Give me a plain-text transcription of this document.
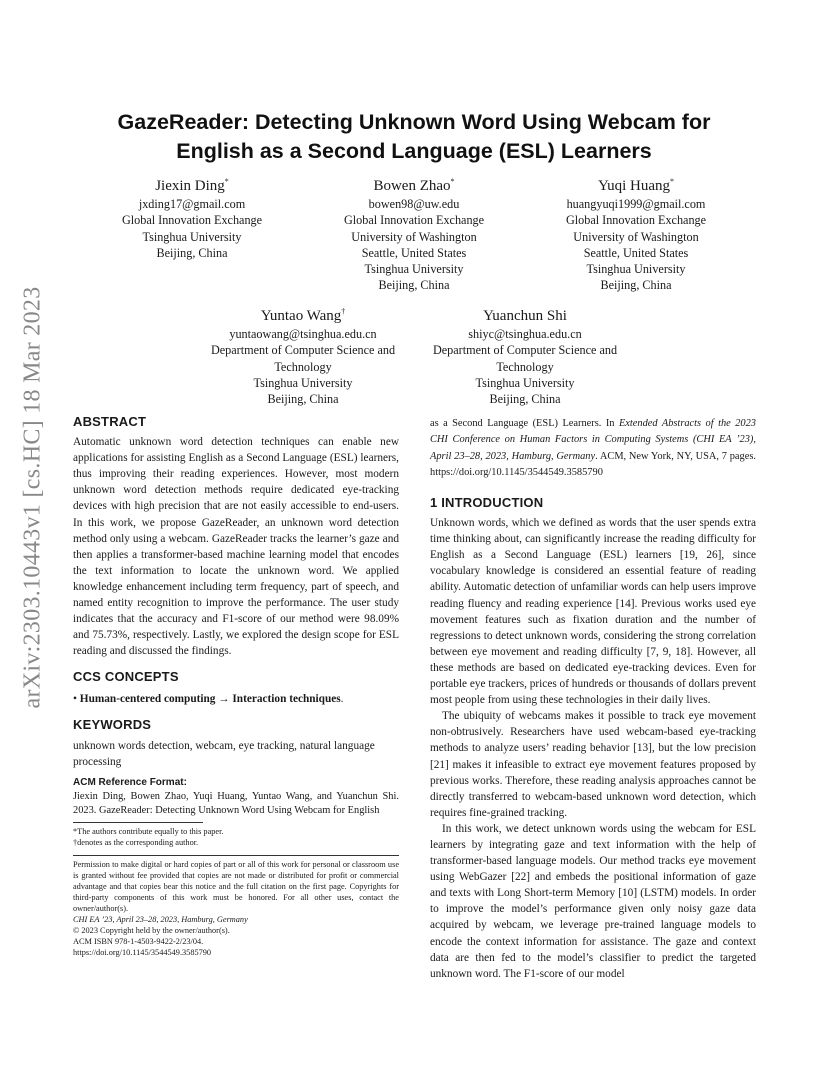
arXiv:2303.10443v1 [cs.HC] 18 Mar 2023
GazeReader: Detecting Unknown Word Using Webcam for
English as a Second Language (ESL) Learners
Jiexin Ding*
jxding17@gmail.com
Global Innovation Exchange
Tsinghua University
Beijing, China
Bowen Zhao*
bowen98@uw.edu
Global Innovation Exchange
University of Washington
Seattle, United States
Tsinghua University
Beijing, China
Yuqi Huang*
huangyuqi1999@gmail.com
Global Innovation Exchange
University of Washington
Seattle, United States
Tsinghua University
Beijing, China
Yuntao Wang†
yuntaowang@tsinghua.edu.cn
Department of Computer Science and
Technology
Tsinghua University
Beijing, China
Yuanchun Shi
shiyc@tsinghua.edu.cn
Department of Computer Science and
Technology
Tsinghua University
Beijing, China

ABSTRACT

Automatic unknown word detection techniques can enable new applications for assisting English as a Second Language (ESL) learners, thus improving their reading experiences. However, most modern unknown word detection methods require dedicated eye-tracking devices with high precision that are not easily accessible to end-users. In this work, we propose GazeReader, an unknown word detection method only using a webcam. GazeReader tracks the learner’s gaze and then applies a transformer-based machine learning model that encodes the text information to locate the unknown word. We applied knowledge enhancement including term frequency, part of speech, and named entity recognition to improve the performance. The user study indicates that the accuracy and F1-score of our method were 98.09% and 75.73%, respectively. Lastly, we explored the design scope for ESL reading and discussed the findings.

CCS CONCEPTS

• Human-centered computing → Interaction techniques.

KEYWORDS

unknown words detection, webcam, eye tracking, natural language processing

ACM Reference Format:

Jiexin Ding, Bowen Zhao, Yuqi Huang, Yuntao Wang, and Yuanchun Shi. 2023. GazeReader: Detecting Unknown Word Using Webcam for English

*The authors contribute equally to this paper.

†denotes as the corresponding author.

Permission to make digital or hard copies of part or all of this work for personal or classroom use is granted without fee provided that copies are not made or distributed for profit or commercial advantage and that copies bear this notice and the full citation on the first page. Copyrights for third-party components of this work must be honored. For all other uses, contact the owner/author(s).

CHI EA ’23, April 23–28, 2023, Hamburg, Germany

© 2023 Copyright held by the owner/author(s).

ACM ISBN 978-1-4503-9422-2/23/04.

https://doi.org/10.1145/3544549.3585790

as a Second Language (ESL) Learners. In Extended Abstracts of the 2023 CHI Conference on Human Factors in Computing Systems (CHI EA ’23), April 23–28, 2023, Hamburg, Germany. ACM, New York, NY, USA, 7 pages. https://doi.org/10.1145/3544549.3585790

1 INTRODUCTION

Unknown words, which we defined as words that the user spends extra time thinking about, can significantly increase the reading difficulty for English as a Second Language (ESL) learners [19, 26], since vocabulary knowledge is considered an essential feature of reading ability. Automatic detection of unfamiliar words can help users improve reading fluency and reading experience [14]. Previous works used eye movement features such as fixation duration and the number of regressions to detect unknown words, considering the strong correlation between eye movement and reading difficulty [7, 9, 18]. However, all these methods are based on dedicated eye-tracking devices. Even for portable eye trackers, prices of hundreds or thousands of dollars prevent most people from using these technologies in their daily lives.

The ubiquity of webcams makes it possible to track eye movement non-obtrusively. Researchers have used webcam-based eye-tracking methods to analyze users’ reading behavior [13], but the low precision [21] makes it infeasible to extract eye movement features proposed by previous works. Therefore, these reading analysis approaches cannot be directly transferred to webcam-based unknown word detection, which requires fine-grained tracking.

In this work, we detect unknown words using the webcam for ESL learners by integrating gaze and text information with the help of transformer-based language models. Our method tracks eye movement using WebGazer [22] and embeds the positional information of gaze and texts with Long Short-term Memory [10] (LSTM) models. In order to improve the model’s performance given only noisy gaze data acquired by webcam, we leverage pre-trained language models to encode the context information for assistance. The gaze and context data are then fed to the model’s classifier to predict the targeted unknown word. The F1-score of our model
